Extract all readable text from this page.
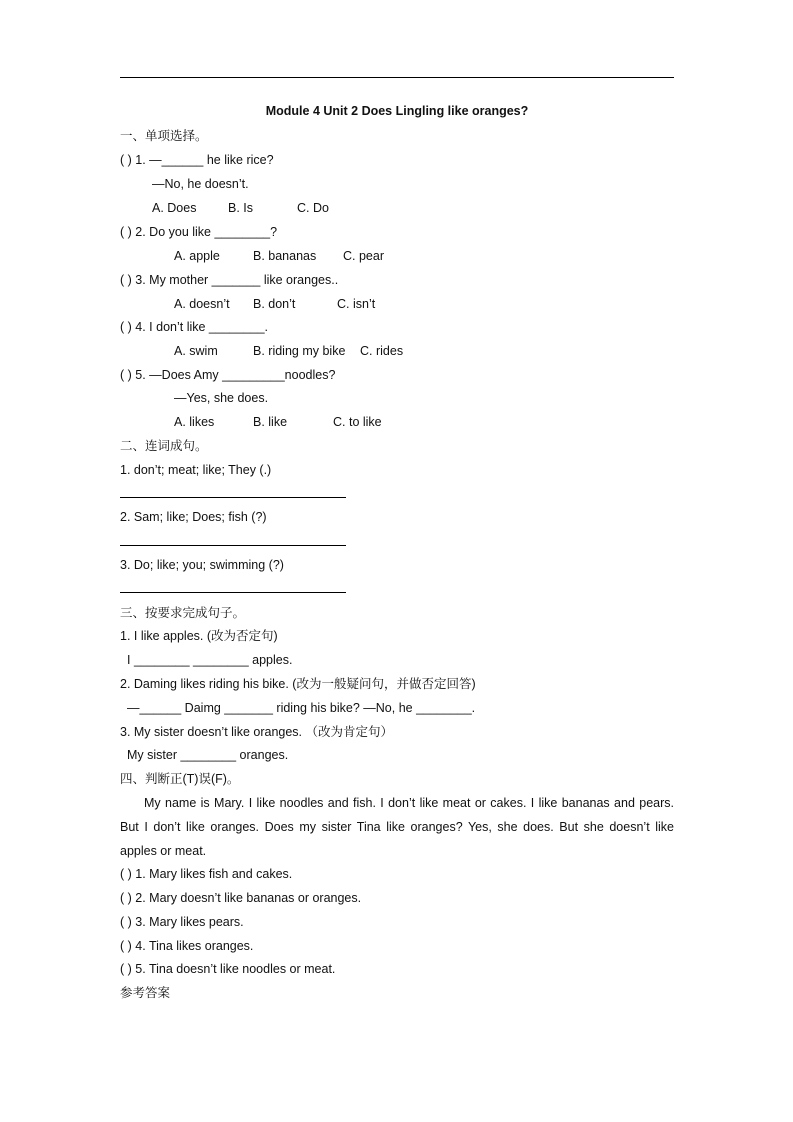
Module 4 Unit 2 Does Lingling like oranges?
一、单项选择。
( ) 1. —______ he like rice?
—No, he doesn’t.
A. Does	B. Is	C. Do
( ) 2. Do you like ________?
A. apple	B. bananas C. pear
( ) 3. My mother _______ like oranges..
A. doesn’t B. don’t	C. isn’t
( ) 4. I don’t like ________.
A. swim	B. riding my bike C. rides
( ) 5. —Does Amy _________noodles?
—Yes, she does.
A. likes	B. like	C. to like
二、连词成句。
1. don’t; meat; like; They (.)
2. Sam; like; Does; fish (?)
3. Do; like; you; swimming (?)
三、按要求完成句子。
1. I like apples. (改为否定句)
I ________ ________ apples.
2. Daming likes riding his bike. (改为一般疑问句，并做否定回答)
—______ Daimg _______ riding his bike? —No, he ________.
3. My sister doesn’t like oranges. （改为肯定句）
My sister ________ oranges.
四、判断正(T)误(F)。
My name is Mary. I like noodles and fish. I don’t like meat or cakes. I like bananas and pears. But I don’t like oranges. Does my sister Tina like oranges? Yes, she does. But she doesn’t like apples or meat.
( ) 1. Mary likes fish and cakes.
( ) 2. Mary doesn’t like bananas or oranges.
( ) 3. Mary likes pears.
( ) 4. Tina likes oranges.
( ) 5. Tina doesn’t like noodles or meat.
参考答案
